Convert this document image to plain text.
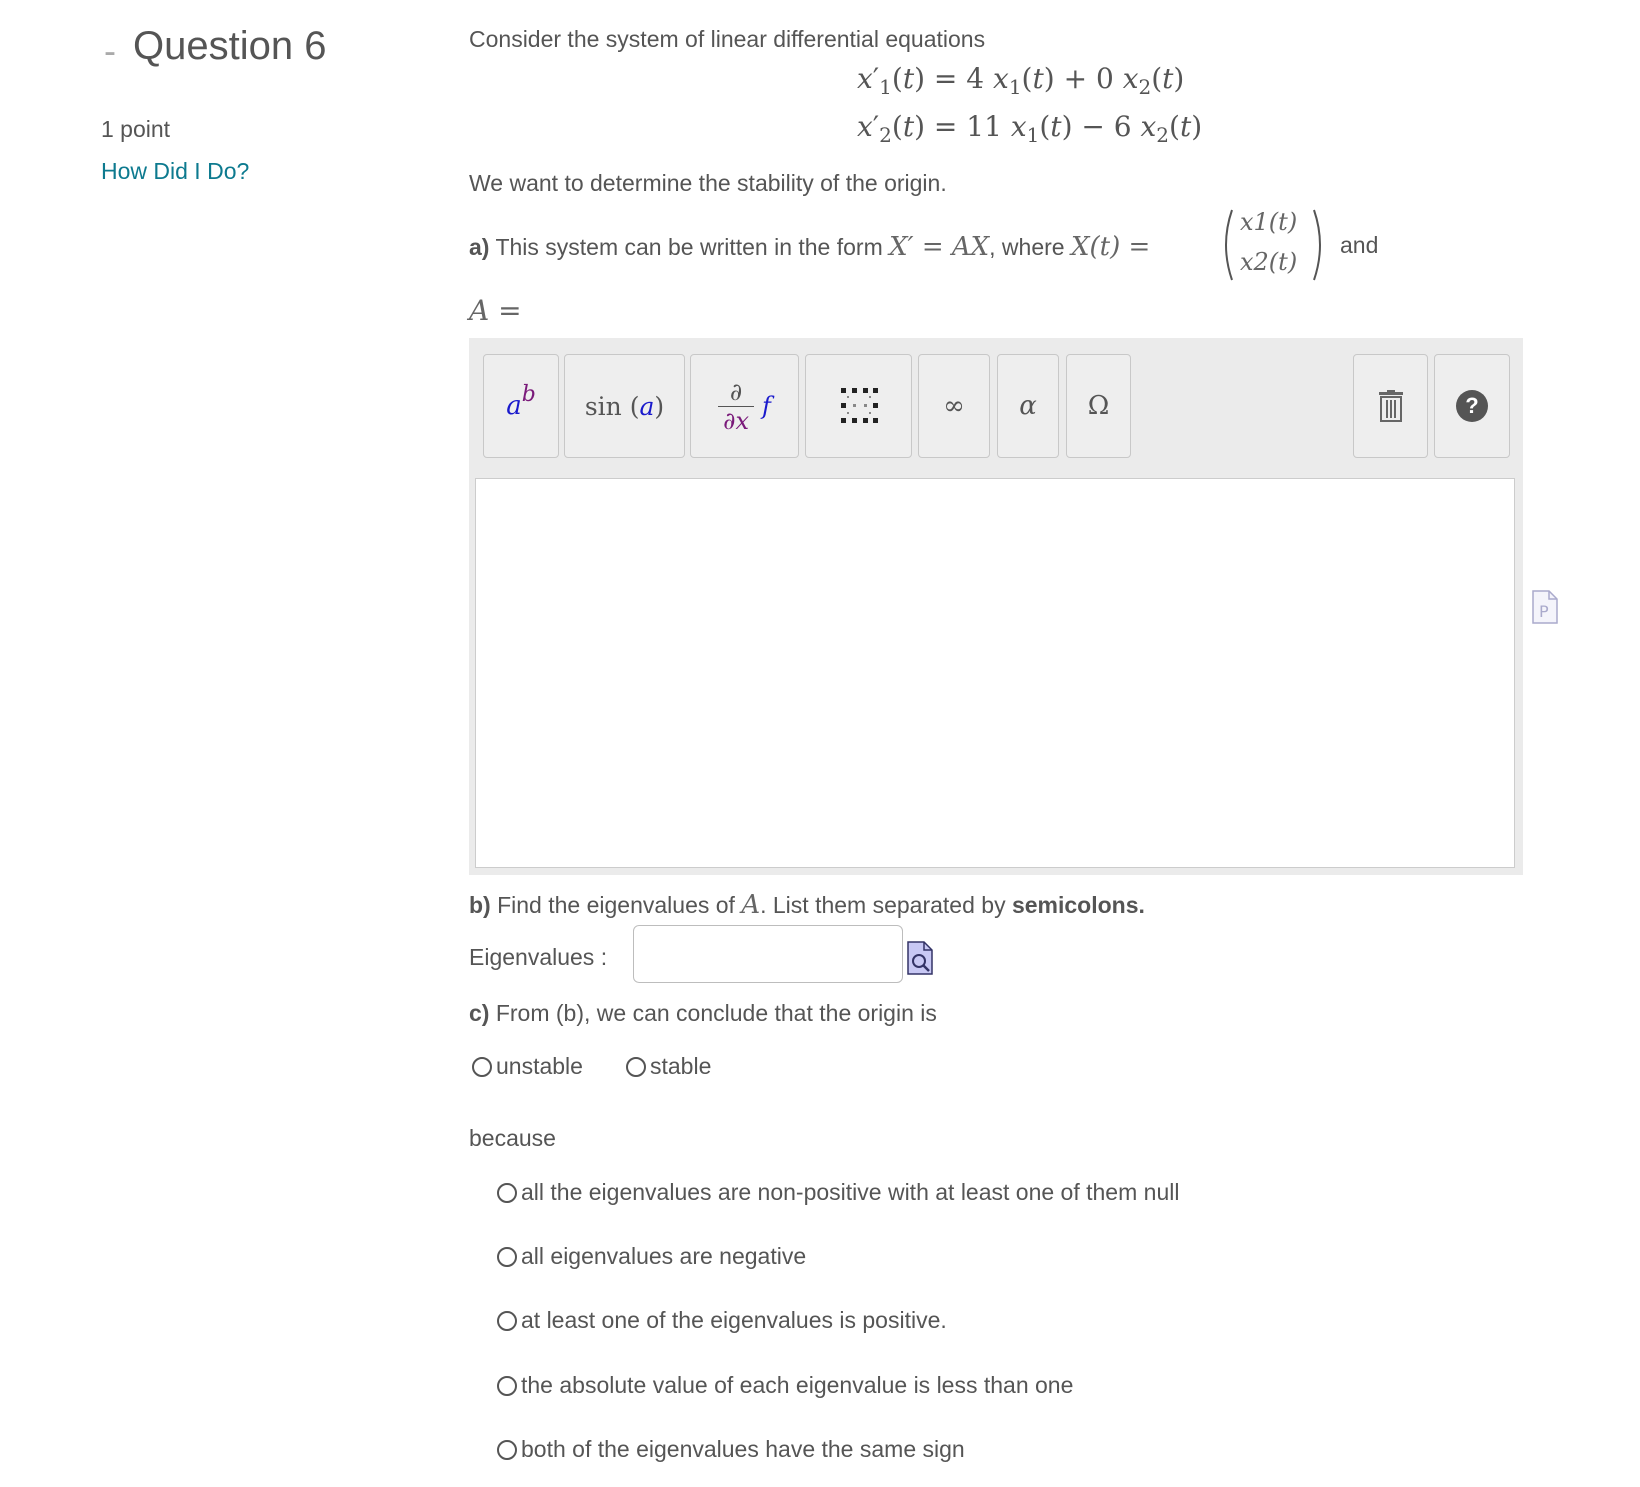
- Question 6
1 point
How Did I Do?
Consider the system of linear differential equations
$x'_1(t) = 4$ $x_1(t) + 0$ $x_2(t)$
$x'_2(t) = 11$ $x_1(t) - 6$ $x_2(t)$
We want to determine the stability of the origin.
a) This system can be written in the form X′ = AX, where X(t) =
x1(t)
x2(t)
and
A =
a b sin ( a )	∂
∂x
f	∞	α	Ω	?
P
b) Find the eigenvalues of A. List them separated by semicolons.
Eigenvalues :
c) From (b), we can conclude that the origin is
unstable	stable
because
all the eigenvalues are non-positive with at least one of them null
all eigenvalues are negative
at least one of the eigenvalues is positive.
the absolute value of each eigenvalue is less than one
both of the eigenvalues have the same sign
